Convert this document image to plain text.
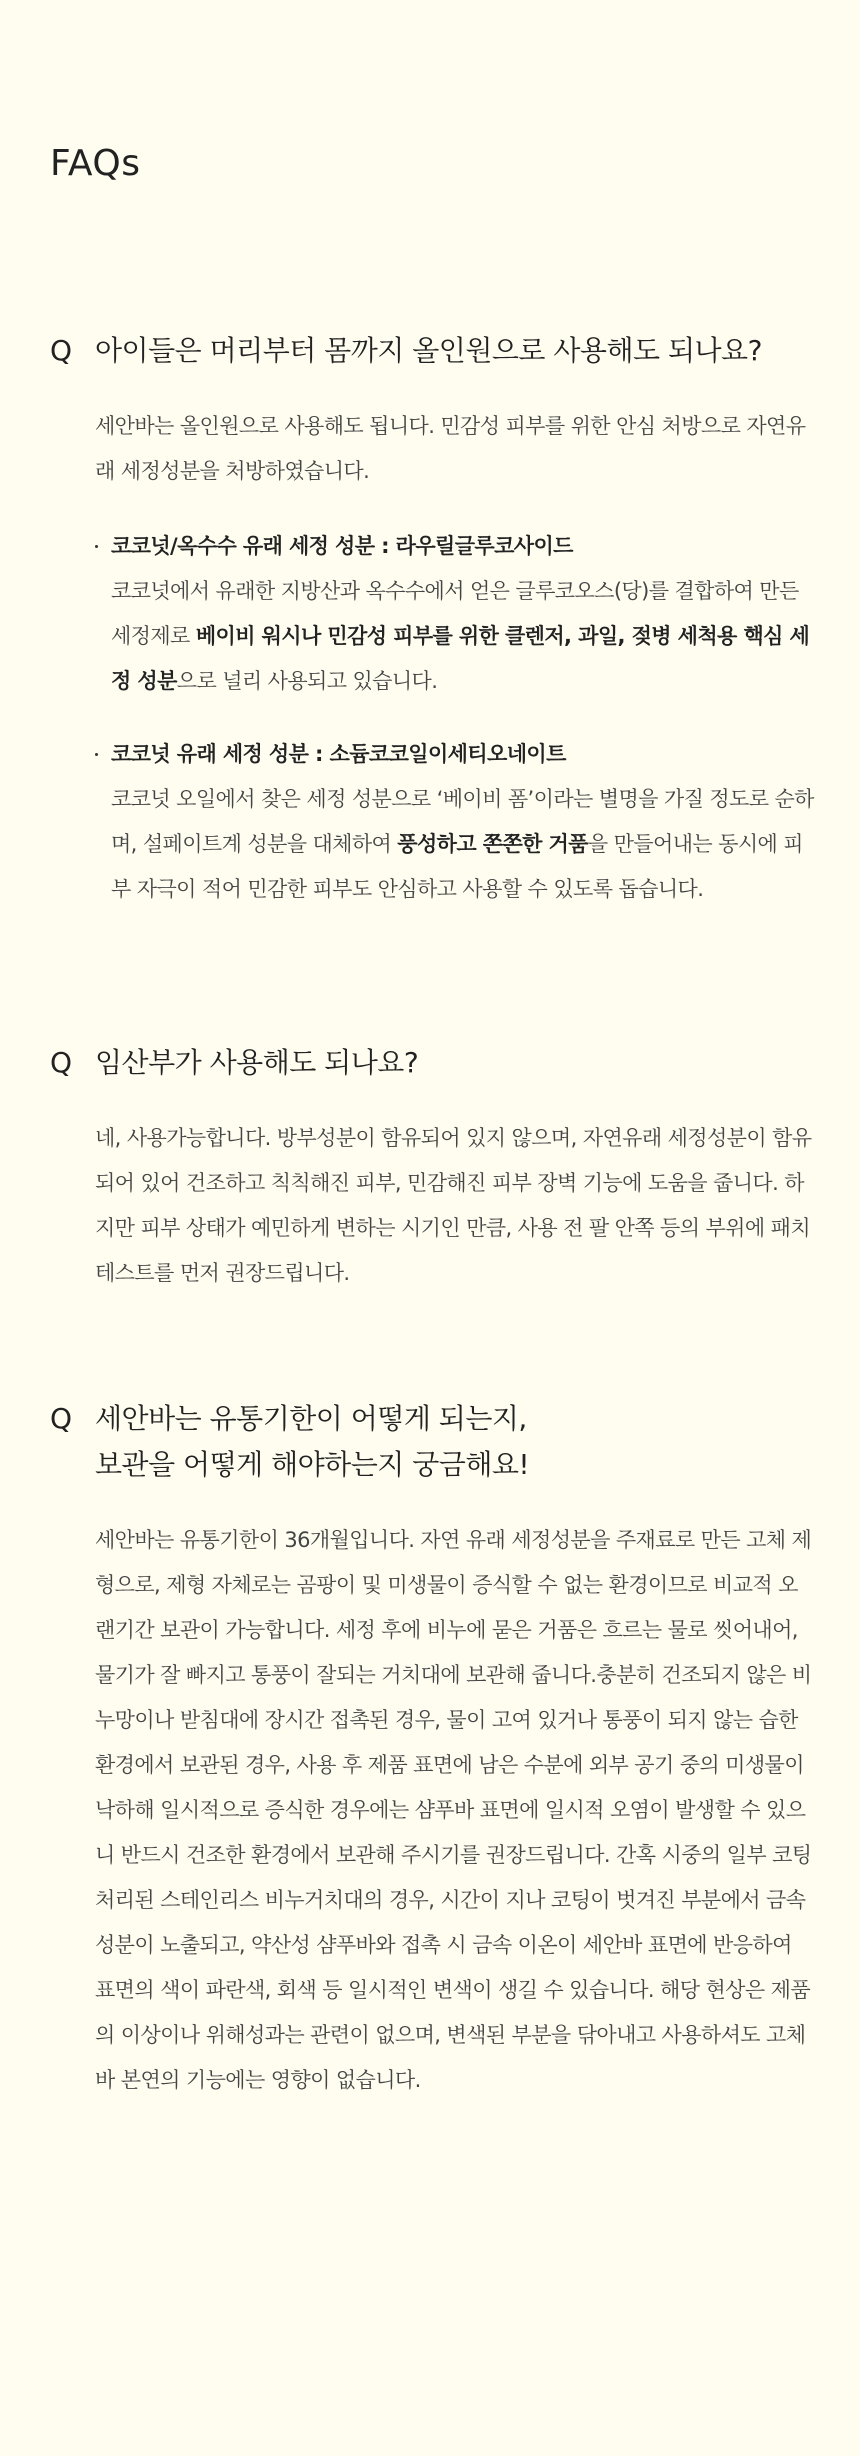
FAQs
Q 아이들은 머리부터 몸까지 올인원으로 사용해도 되나요?
세안바는 올인원으로 사용해도 됩니다. 민감성 피부를 위한 안심 처방으로 자연유래 세정성분을 처방하였습니다.
코코넛/옥수수 유래 세정 성분 : 라우릴글루코사이드
코코넛에서 유래한 지방산과 옥수수에서 얻은 글루코오스(당)를 결합하여 만든 세정제로 베이비 워시나 민감성 피부를 위한 클렌저, 과일, 젖병 세척용 핵심 세정 성분으로 널리 사용되고 있습니다.
코코넛 유래 세정 성분 : 소듐코코일이세티오네이트
코코넛 오일에서 찾은 세정 성분으로 ‘베이비 폼’이라는 별명을 가질 정도로 순하며, 설페이트계 성분을 대체하여 풍성하고 쫀쫀한 거품을 만들어내는 동시에 피부 자극이 적어 민감한 피부도 안심하고 사용할 수 있도록 돕습니다.
Q 임산부가 사용해도 되나요?
네, 사용가능합니다. 방부성분이 함유되어 있지 않으며, 자연유래 세정성분이 함유되어 있어 건조하고 칙칙해진 피부, 민감해진 피부 장벽 기능에 도움을 줍니다. 하지만 피부 상태가 예민하게 변하는 시기인 만큼, 사용 전 팔 안쪽 등의 부위에 패치 테스트를 먼저 권장드립니다.
Q 세안바는 유통기한이 어떻게 되는지,
보관을 어떻게 해야하는지 궁금해요!
세안바는 유통기한이 36개월입니다. 자연 유래 세정성분을 주재료로 만든 고체 제형으로, 제형 자체로는 곰팡이 및 미생물이 증식할 수 없는 환경이므로 비교적 오랜기간 보관이 가능합니다. 세정 후에 비누에 묻은 거품은 흐르는 물로 씻어내어, 물기가 잘 빠지고 통풍이 잘되는 거치대에 보관해 줍니다.충분히 건조되지 않은 비누망이나 받침대에 장시간 접촉된 경우, 물이 고여 있거나 통풍이 되지 않는 습한 환경에서 보관된 경우, 사용 후 제품 표면에 남은 수분에 외부 공기 중의 미생물이 낙하해 일시적으로 증식한 경우에는 샴푸바 표면에 일시적 오염이 발생할 수 있으니 반드시 건조한 환경에서 보관해 주시기를 권장드립니다. 간혹 시중의 일부 코팅 처리된 스테인리스 비누거치대의 경우, 시간이 지나 코팅이 벗겨진 부분에서 금속 성분이 노출되고, 약산성 샴푸바와 접촉 시 금속 이온이 세안바 표면에 반응하여 표면의 색이 파란색, 회색 등 일시적인 변색이 생길 수 있습니다. 해당 현상은 제품의 이상이나 위해성과는 관련이 없으며, 변색된 부분을 닦아내고 사용하셔도 고체바 본연의 기능에는 영향이 없습니다.
